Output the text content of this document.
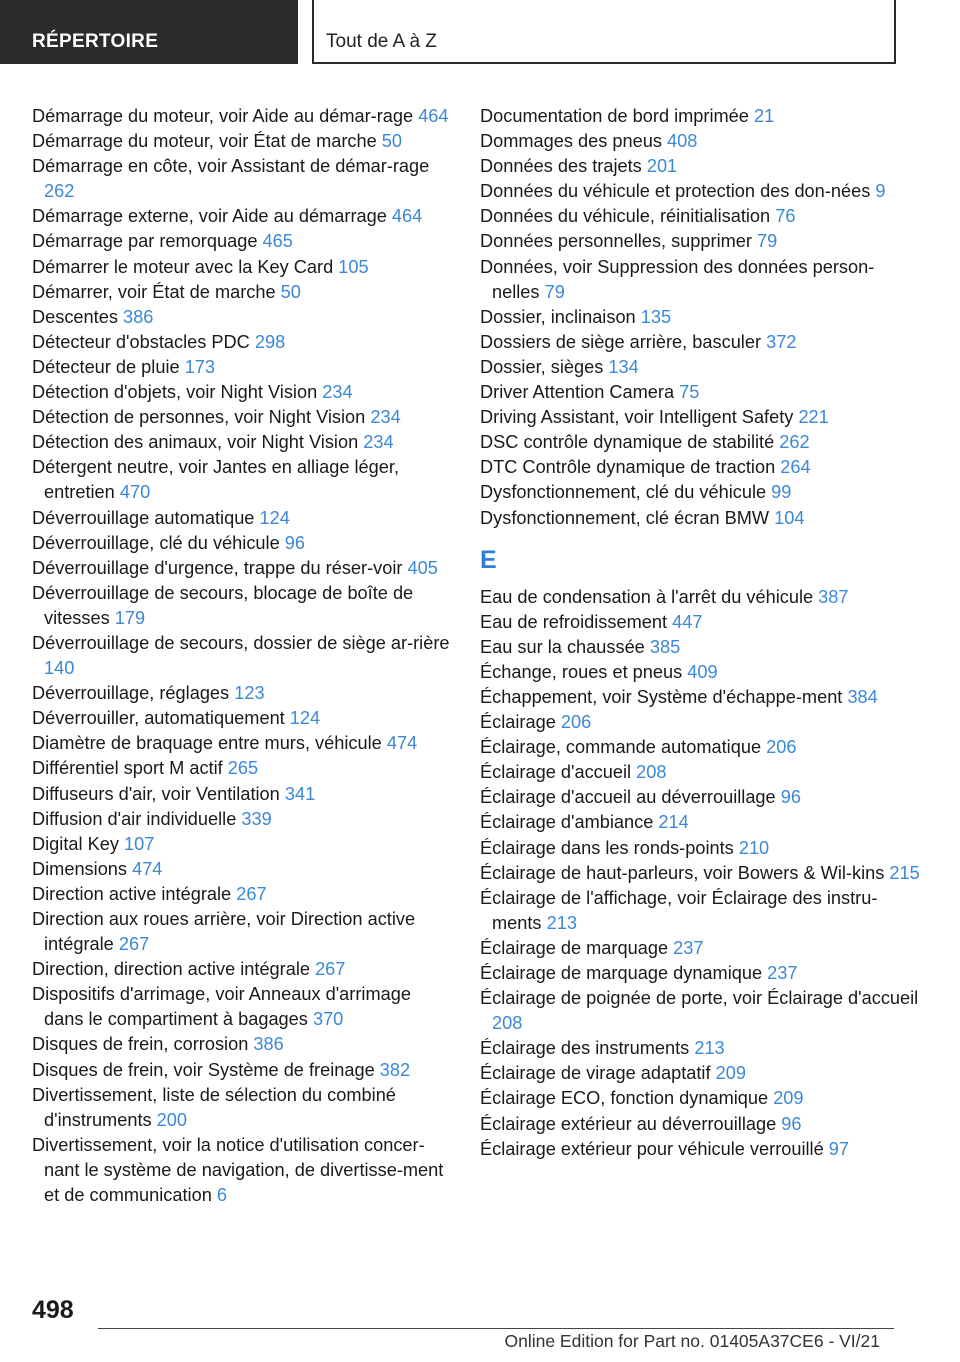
RÉPERTOIRE	Tout de A à Z
Démarrage du moteur, voir Aide au démar-rage 464
Démarrage du moteur, voir État de marche 50
Démarrage en côte, voir Assistant de démar-rage 262
Démarrage externe, voir Aide au démarrage 464
Démarrage par remorquage 465
Démarrer le moteur avec la Key Card 105
Démarrer, voir État de marche 50
Descentes 386
Détecteur d'obstacles PDC 298
Détecteur de pluie 173
Détection d'objets, voir Night Vision 234
Détection de personnes, voir Night Vision 234
Détection des animaux, voir Night Vision 234
Détergent neutre, voir Jantes en alliage léger, entretien 470
Déverrouillage automatique 124
Déverrouillage, clé du véhicule 96
Déverrouillage d'urgence, trappe du réser-voir 405
Déverrouillage de secours, blocage de boîte de vitesses 179
Déverrouillage de secours, dossier de siège ar-rière 140
Déverrouillage, réglages 123
Déverrouiller, automatiquement 124
Diamètre de braquage entre murs, véhicule 474
Différentiel sport M actif 265
Diffuseurs d'air, voir Ventilation 341
Diffusion d'air individuelle 339
Digital Key 107
Dimensions 474
Direction active intégrale 267
Direction aux roues arrière, voir Direction active intégrale 267
Direction, direction active intégrale 267
Dispositifs d'arrimage, voir Anneaux d'arrimage dans le compartiment à bagages 370
Disques de frein, corrosion 386
Disques de frein, voir Système de freinage 382
Divertissement, liste de sélection du combiné d'instruments 200
Divertissement, voir la notice d'utilisation concer-nant le système de navigation, de divertisse-ment et de communication 6
Documentation de bord imprimée 21
Dommages des pneus 408
Données des trajets 201
Données du véhicule et protection des don-nées 9
Données du véhicule, réinitialisation 76
Données personnelles, supprimer 79
Données, voir Suppression des données person-nelles 79
Dossier, inclinaison 135
Dossiers de siège arrière, basculer 372
Dossier, sièges 134
Driver Attention Camera 75
Driving Assistant, voir Intelligent Safety 221
DSC contrôle dynamique de stabilité 262
DTC Contrôle dynamique de traction 264
Dysfonctionnement, clé du véhicule 99
Dysfonctionnement, clé écran BMW 104
E
Eau de condensation à l'arrêt du véhicule 387
Eau de refroidissement 447
Eau sur la chaussée 385
Échange, roues et pneus 409
Échappement, voir Système d'échappe-ment 384
Éclairage 206
Éclairage, commande automatique 206
Éclairage d'accueil 208
Éclairage d'accueil au déverrouillage 96
Éclairage d'ambiance 214
Éclairage dans les ronds-points 210
Éclairage de haut-parleurs, voir Bowers & Wil-kins 215
Éclairage de l'affichage, voir Éclairage des instru-ments 213
Éclairage de marquage 237
Éclairage de marquage dynamique 237
Éclairage de poignée de porte, voir Éclairage d'accueil 208
Éclairage des instruments 213
Éclairage de virage adaptatif 209
Éclairage ECO, fonction dynamique 209
Éclairage extérieur au déverrouillage 96
Éclairage extérieur pour véhicule verrouillé 97
498
Online Edition for Part no. 01405A37CE6 - VI/21
